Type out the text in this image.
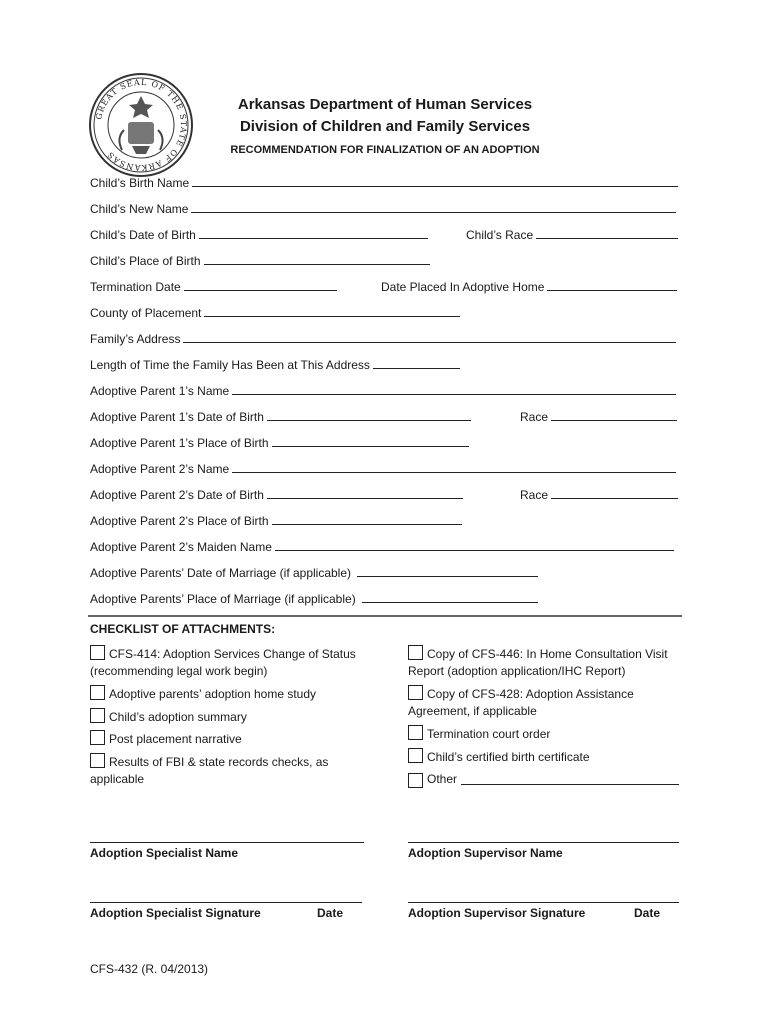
GREAT SEAL OF THE STATE OF ARKANSAS
Arkansas Department of Human Services
Division of Children and Family Services
RECOMMENDATION FOR FINALIZATION OF AN ADOPTION
Child’s Birth Name
Child’s New Name
Child’s Date of Birth	Child’s Race
Child’s Place of Birth
Termination Date	Date Placed In Adoptive Home
County of Placement
Family’s Address
Length of Time the Family Has Been at This Address
Adoptive Parent 1’s Name
Adoptive Parent 1’s Date of Birth	Race
Adoptive Parent 1’s Place of Birth
Adoptive Parent 2’s Name
Adoptive Parent 2’s Date of Birth	Race
Adoptive Parent 2’s Place of Birth
Adoptive Parent 2’s Maiden Name
Adoptive Parents’ Date of Marriage (if applicable)
Adoptive Parents’ Place of Marriage (if applicable)
CHECKLIST OF ATTACHMENTS:
CFS-414: Adoption Services Change of Status
(recommending legal work begin)
Adoptive parents’ adoption home study
Child’s adoption summary
Post placement narrative
Results of FBI & state records checks, as
applicable
Copy of CFS-446: In Home Consultation Visit
Report (adoption application/IHC Report)
Copy of CFS-428: Adoption Assistance
Agreement, if applicable
Termination court order
Child’s certified birth certificate
Other
Adoption Specialist Name	Adoption Supervisor Name
Adoption Specialist Signature	Date	Adoption Supervisor Signature	Date
CFS-432 (R. 04/2013)
